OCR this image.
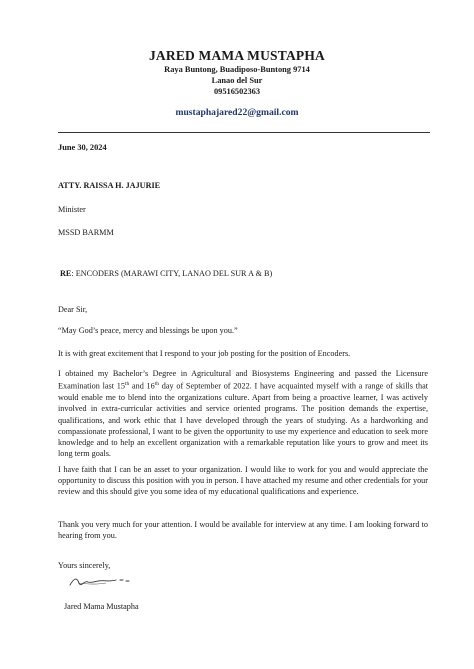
JARED MAMA MUSTAPHA
Raya Buntong, Buadiposo-Buntong 9714
Lanao del Sur
09516502363
mustaphajared22@gmail.com
June 30, 2024
ATTY. RAISSA H. JAJURIE
Minister
MSSD BARMM
RE: ENCODERS (MARAWI CITY, LANAO DEL SUR A & B)
Dear Sir,
“May God’s peace, mercy and blessings be upon you.”
It is with great excitement that I respond to your job posting for the position of Encoders.
I obtained my Bachelor’s Degree in Agricultural and Biosystems Engineering and passed the Licensure Examination last 15th and 16th day of September of 2022. I have acquainted myself with a range of skills that would enable me to blend into the organizations culture. Apart from being a proactive learner, I was actively involved in extra-curricular activities and service oriented programs. The position demands the expertise, qualifications, and work ethic that I have developed through the years of studying. As a hardworking and compassionate professional, I want to be given the opportunity to use my experience and education to seek more knowledge and to help an excellent organization with a remarkable reputation like yours to grow and meet its long term goals.
I have faith that I can be an asset to your organization. I would like to work for you and would appreciate the opportunity to discuss this position with you in person. I have attached my resume and other credentials for your review and this should give you some idea of my educational qualifications and experience.
Thank you very much for your attention. I would be available for interview at any time. I am looking forward to hearing from you.
Yours sincerely,
Jared Mama Mustapha
